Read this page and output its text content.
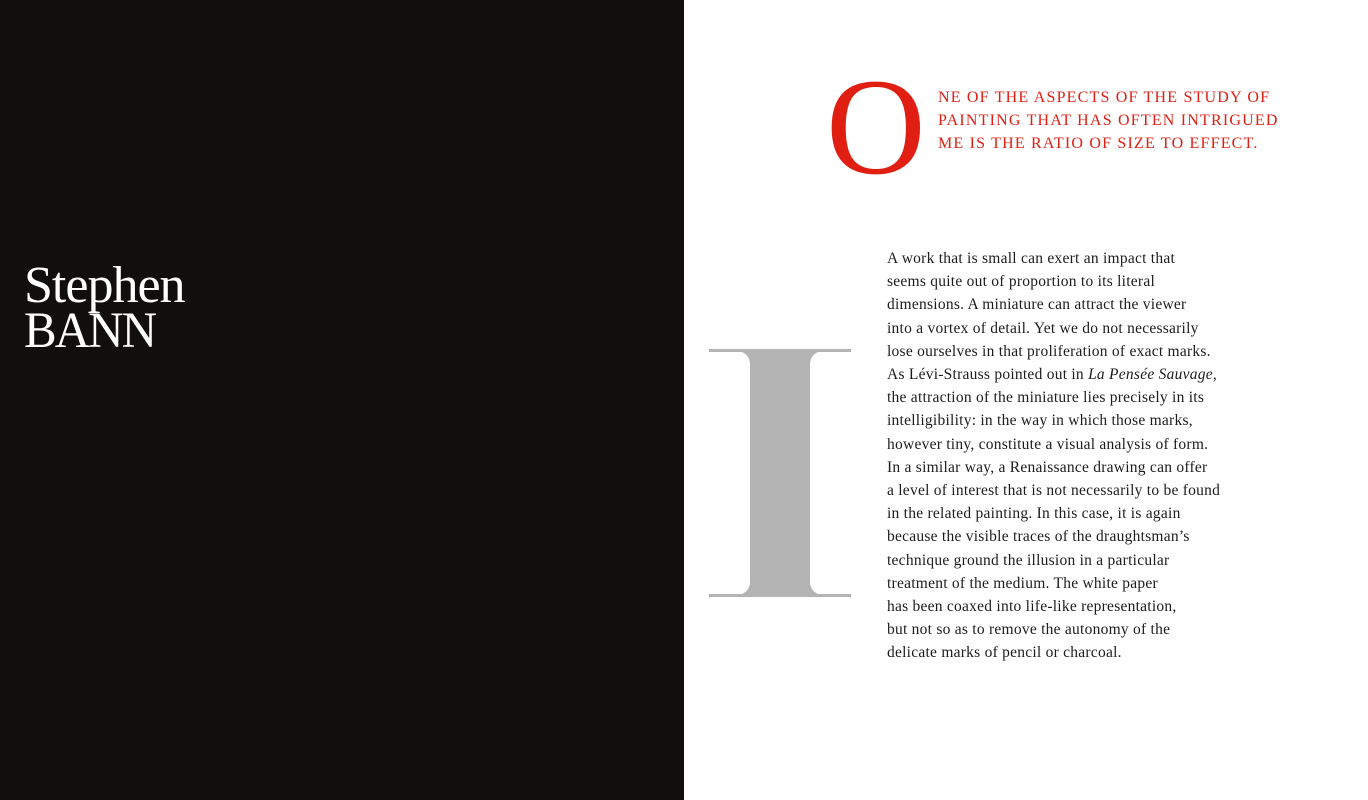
Stephen
BANN
O NE OF THE ASPECTS OF THE STUDY OF
PAINTING THAT HAS OFTEN INTRIGUED
ME IS THE RATIO OF SIZE TO EFFECT.

A work that is small can exert an impact that
seems quite out of proportion to its literal
dimensions. A miniature can attract the viewer
into a vortex of detail. Yet we do not necessarily
lose ourselves in that proliferation of exact marks.
As Lévi-Strauss pointed out in La Pensée Sauvage,
the attraction of the miniature lies precisely in its
intelligibility: in the way in which those marks,
however tiny, constitute a visual analysis of form.
In a similar way, a Renaissance drawing can offer
a level of interest that is not necessarily to be found
in the related painting. In this case, it is again
because the visible traces of the draughtsman’s
technique ground the illusion in a particular
treatment of the medium. The white paper
has been coaxed into life-like representation,
but not so as to remove the autonomy of the
delicate marks of pencil or charcoal.
